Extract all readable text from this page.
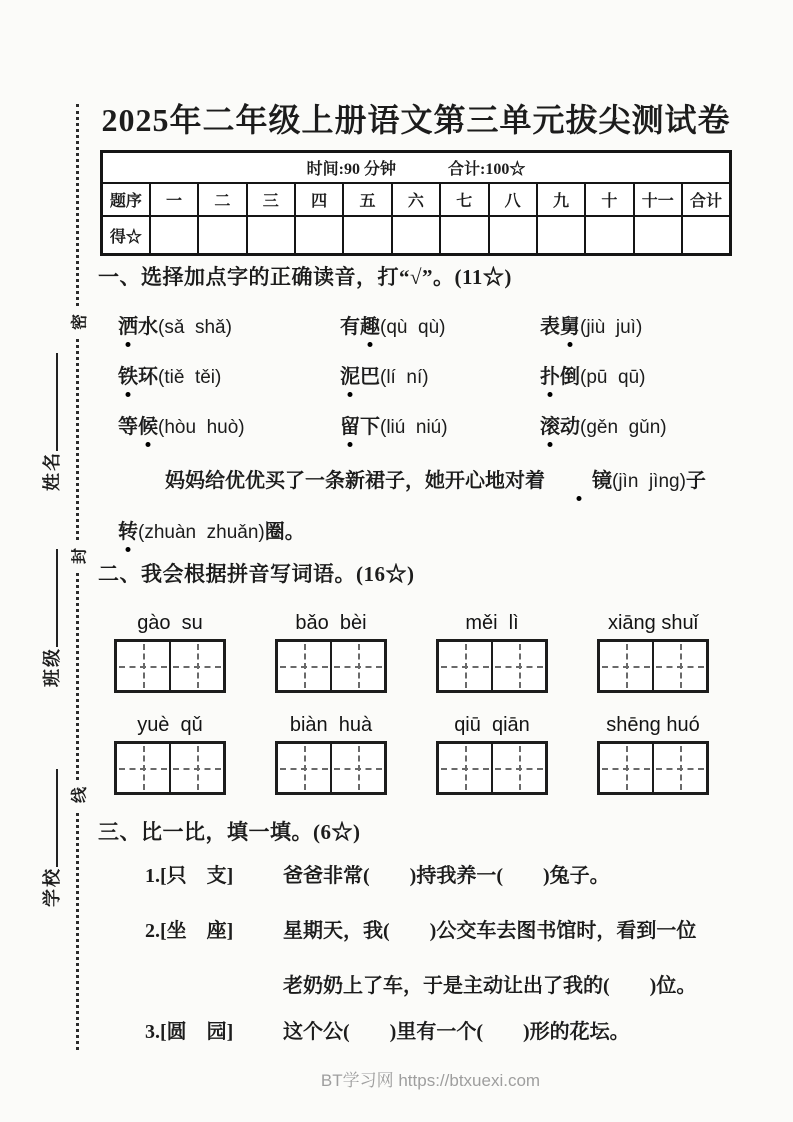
密
封
线
姓名
班级
学校
2025年二年级上册语文第三单元拔尖测试卷
时间:90 分钟 合计:100☆												
题序	一	二	三	四	五	六	七	八	九	十	十一	合计
得☆												
一、选择加点字的正确读音，打“√”。(11☆)
洒水(sǎ  shǎ)	有趣(qù  qù)	表舅(jiù  juì)
铁环(tiě  těi)	泥巴(lí  ní)	扑倒(pū  qū)
等候(hòu  huò)	留下(liú  niú)	滚动(gěn  gǔn)
妈妈给优优买了一条新裙子，她开心地对着 镜(jìn  jìng)子
转(zhuàn  zhuǎn)圈。
二、我会根据拼音写词语。(16☆)
gào  su	bǎo  bèi	měi  lì	xiāng shuǐ
yuè  qǔ	biàn  huà	qiū  qiān	shēng huó
三、比一比，填一填。(6☆)
1.[只　支] 爸爸非常(　　)持我养一(　　)兔子。
2.[坐　座] 星期天，我(　　)公交车去图书馆时，看到一位
老奶奶上了车，于是主动让出了我的(　　)位。
3.[圆　园] 这个公(　　)里有一个(　　)形的花坛。
BT学习网 https://btxuexi.com
